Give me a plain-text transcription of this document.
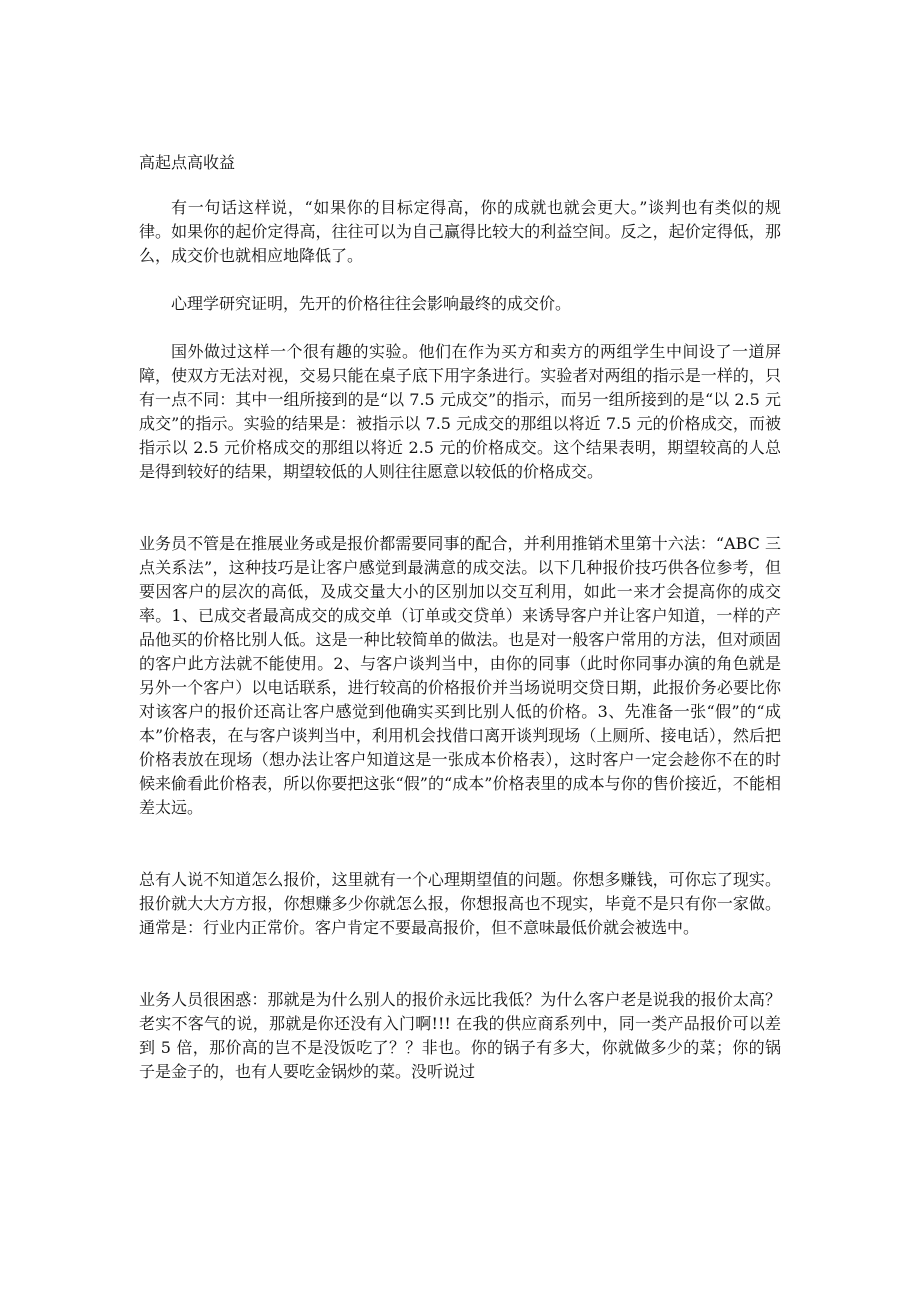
高起点高收益

有一句话这样说，“如果你的目标定得高，你的成就也就会更大。”谈判也有类似的规律。如果你的起价定得高，往往可以为自己赢得比较大的利益空间。反之，起价定得低，那么，成交价也就相应地降低了。

心理学研究证明，先开的价格往往会影响最终的成交价。

国外做过这样一个很有趣的实验。他们在作为买方和卖方的两组学生中间设了一道屏障，使双方无法对视，交易只能在桌子底下用字条进行。实验者对两组的指示是一样的，只有一点不同：其中一组所接到的是“以 7.5 元成交”的指示，而另一组所接到的是“以 2.5 元成交”的指示。实验的结果是：被指示以 7.5 元成交的那组以将近 7.5 元的价格成交，而被指示以 2.5 元价格成交的那组以将近 2.5 元的价格成交。这个结果表明，期望较高的人总是得到较好的结果，期望较低的人则往往愿意以较低的价格成交。

业务员不管是在推展业务或是报价都需要同事的配合，并利用推销术里第十六法：“ABC 三点关系法”，这种技巧是让客户感觉到最满意的成交法。以下几种报价技巧供各位参考，但要因客户的层次的高低，及成交量大小的区别加以交互利用，如此一来才会提高你的成交率。1、已成交者最高成交的成交单（订单或交贷单）来诱导客户并让客户知道，一样的产品他买的价格比别人低。这是一种比较简单的做法。也是对一般客户常用的方法，但对顽固的客户此方法就不能使用。2、与客户谈判当中，由你的同事（此时你同事办演的角色就是另外一个客户）以电话联系，进行较高的价格报价并当场说明交贷日期，此报价务必要比你对该客户的报价还高让客户感觉到他确实买到比别人低的价格。3、先准备一张“假”的“成本”价格表，在与客户谈判当中，利用机会找借口离开谈判现场（上厕所、接电话），然后把价格表放在现场（想办法让客户知道这是一张成本价格表），这时客户一定会趁你不在的时候来偷看此价格表，所以你要把这张“假”的“成本”价格表里的成本与你的售价接近，不能相差太远。

总有人说不知道怎么报价，这里就有一个心理期望值的问题。你想多赚钱，可你忘了现实。报价就大大方方报，你想赚多少你就怎么报，你想报高也不现实，毕竟不是只有你一家做。通常是：行业内正常价。客户肯定不要最高报价，但不意味最低价就会被选中。

业务人员很困惑：那就是为什么别人的报价永远比我低？为什么客户老是说我的报价太高？老实不客气的说，那就是你还没有入门啊!!! 在我的供应商系列中，同一类产品报价可以差到 5 倍，那价高的岂不是没饭吃了？？非也。你的锅子有多大，你就做多少的菜；你的锅子是金子的，也有人要吃金锅炒的菜。没听说过
